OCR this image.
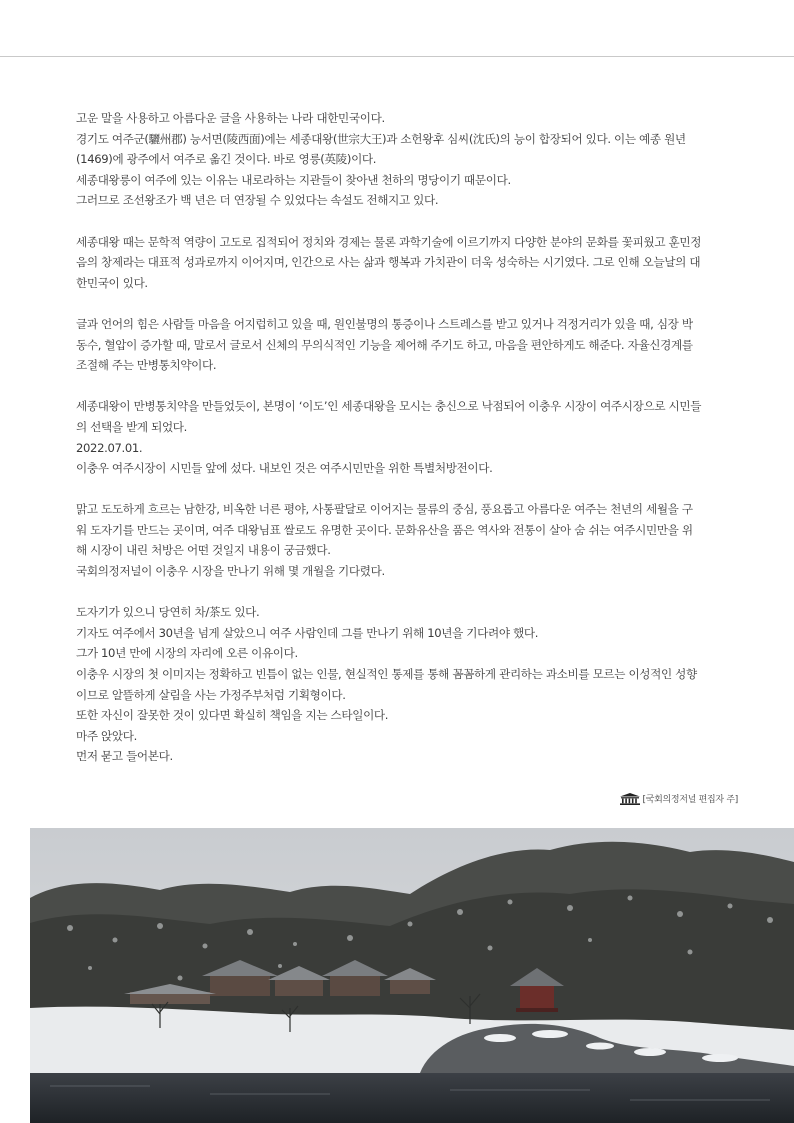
고운 말을 사용하고 아름다운 글을 사용하는 나라 대한민국이다.
경기도 여주군(驪州郡) 능서면(陵西面)에는 세종대왕(世宗大王)과 소헌왕후 심씨(沈氏)의 능이 합장되어 있다. 이는 예종 원년
(1469)에 광주에서 여주로 옮긴 것이다. 바로 영릉(英陵)이다.
세종대왕릉이 여주에 있는 이유는 내로라하는 지관들이 찾아낸 천하의 명당이기 때문이다.
그러므로 조선왕조가 백 년은 더 연장될 수 있었다는 속설도 전해지고 있다.

세종대왕 때는 문학적 역량이 고도로 집적되어 정치와 경제는 물론 과학기술에 이르기까지 다양한 분야의 문화를 꽃피웠고 훈민정
음의 창제라는 대표적 성과로까지 이어지며, 인간으로 사는 삶과 행복과 가치관이 더욱 성숙하는 시기였다. 그로 인해 오늘날의 대
한민국이 있다.

글과 언어의 힘은 사람들 마음을 어지럽히고 있을 때, 원인불명의 통증이나 스트레스를 받고 있거나 걱정거리가 있을 때, 심장 박
동수, 혈압이 증가할 때, 말로서 글로서 신체의 무의식적인 기능을 제어해 주기도 하고, 마음을 편안하게도 해준다. 자율신경계를
조절해 주는 만병통치약이다.

세종대왕이 만병통치약을 만들었듯이, 본명이 ‘이도’인 세종대왕을 모시는 충신으로 낙점되어 이충우 시장이 여주시장으로 시민들
의 선택을 받게 되었다.
2022.07.01.
이충우 여주시장이 시민들 앞에 섰다. 내보인 것은 여주시민만을 위한 특별처방전이다.

맑고 도도하게 흐르는 남한강, 비옥한 너른 평야, 사통팔달로 이어지는 물류의 중심, 풍요롭고 아름다운 여주는 천년의 세월을 구
워 도자기를 만드는 곳이며, 여주 대왕님표 쌀로도 유명한 곳이다. 문화유산을 품은 역사와 전통이 살아 숨 쉬는 여주시민만을 위
해 시장이 내린 처방은 어떤 것일지 내용이 궁금했다.
국회의정저널이 이충우 시장을 만나기 위해 몇 개월을 기다렸다.

도자기가 있으니 당연히 차/茶도 있다.
기자도 여주에서 30년을 넘게 살았으니 여주 사람인데 그를 만나기 위해 10년을 기다려야 했다.
그가 10년 만에 시장의 자리에 오른 이유이다.
이충우 시장의 첫 이미지는 정확하고 빈틈이 없는 인물, 현실적인 통제를 통해 꼼꼼하게 관리하는 과소비를 모르는 이성적인 성향
이므로 알뜰하게 살림을 사는 가정주부처럼 기획형이다.
또한 자신이 잘못한 것이 있다면 확실히 책임을 지는 스타일이다.
마주 앉았다.
먼저 묻고 들어본다.

[국회의정저널 편집자 주]
